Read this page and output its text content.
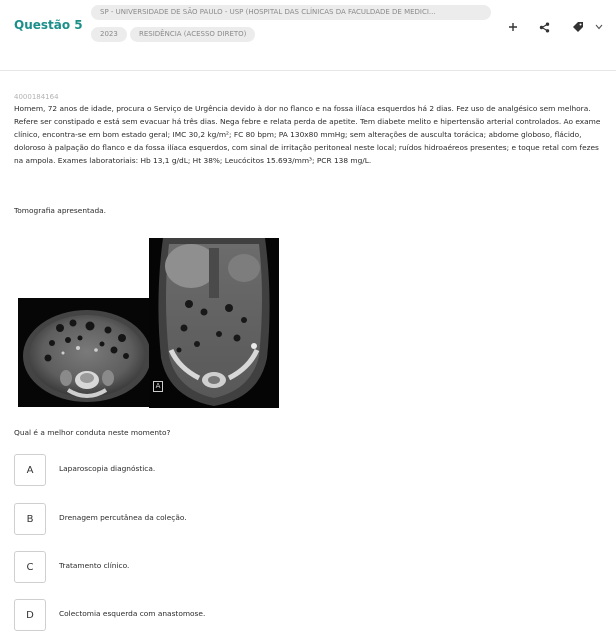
Questão 5
SP - UNIVERSIDADE DE SÃO PAULO - USP (HOSPITAL DAS CLÍNICAS DA FACULDADE DE MEDICI...
2023	RESIDÊNCIA (ACESSO DIRETO)
4000184164

Homem, 72 anos de idade, procura o Serviço de Urgência devido à dor no flanco e na fossa ilíaca esquerdos há 2 dias. Fez uso de analgésico sem melhora. Refere ser constipado e está sem evacuar há três dias. Nega febre e relata perda de apetite. Tem diabete melito e hipertensão arterial controlados. Ao exame clínico, encontra-se em bom estado geral; IMC 30,2 kg/m²; FC 80 bpm; PA 130x80 mmHg; sem alterações de ausculta torácica; abdome globoso, flácido, doloroso à palpação do flanco e da fossa ilíaca esquerdos, com sinal de irritação peritoneal neste local; ruídos hidroaéreos presentes; e toque retal com fezes na ampola. Exames laboratoriais: Hb 13,1 g/dL; Ht 38%; Leucócitos 15.693/mm³; PCR 138 mg/L.

Tomografia apresentada.

A
Qual é a melhor conduta neste momento?
A	Laparoscopia diagnóstica.
B	Drenagem percutânea da coleção.
C	Tratamento clínico.
D	Colectomia esquerda com anastomose.
